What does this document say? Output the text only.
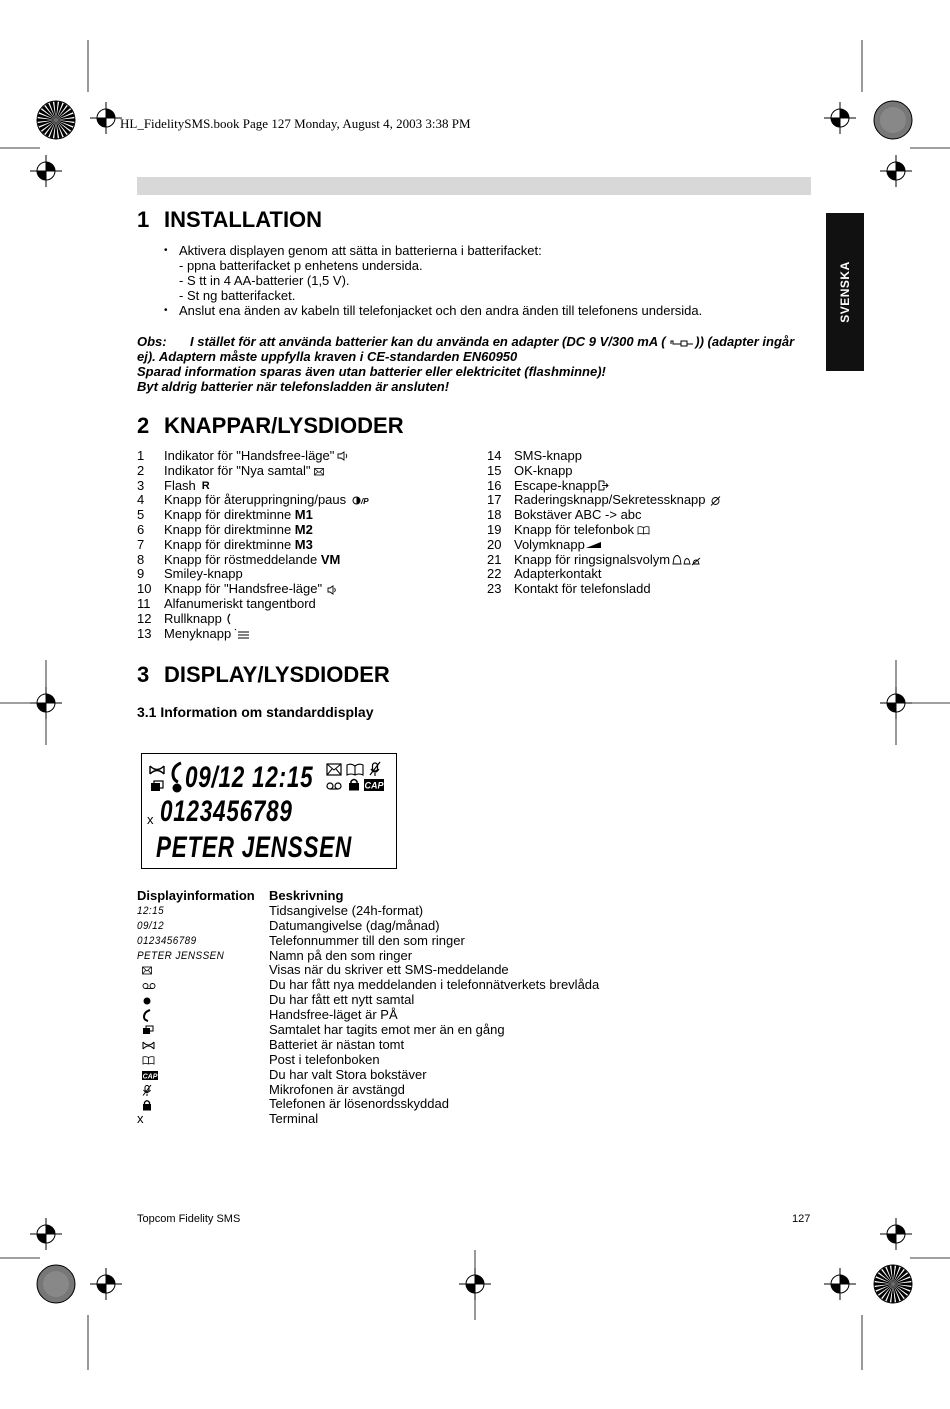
HL_FidelitySMS.book Page 127 Monday, August 4, 2003 3:38 PM
SVENSKA
1 INSTALLATION
• Aktivera displayen genom att sätta in batterierna i batterifacket:
- ppna batterifacket p enhetens undersida.
- S tt in 4 AA-batterier (1,5 V).
- St ng batterifacket.
• Anslut ena änden av kabeln till telefonjacket och den andra änden till telefonens undersida.
Obs: I stället för att använda batterier kan du använda en adapter (DC 9 V/300 mA ( )) (adapter ingår
ej). Adaptern måste uppfylla kraven i CE-standarden EN60950
Sparad information sparas även utan batterier eller elektricitet (flashminne)!
Byt aldrig batterier när telefonsladden är ansluten!
2 KNAPPAR/LYSDIODER
1	Indikator för "Handsfree-läge"
2	Indikator för "Nya samtal"
3	Flash R
4	Knapp för återuppringning/paus /P
5	Knapp för direktminne M1
6	Knapp för direktminne M2
7	Knapp för direktminne M3
8	Knapp för röstmeddelande VM
9	Smiley-knapp
10 Knapp för "Handsfree-läge"
11	Alfanumeriskt tangentbord
12 Rullknapp
13 Menyknapp
14 SMS-knapp
15 OK-knapp
16 Escape-knapp
17 Raderingsknapp/Sekretessknapp
18 Bokstäver ABC -> abc
19 Knapp för telefonbok
20 Volymknapp
21 Knapp för ringsignalsvolym
22 Adapterkontakt
23 Kontakt för telefonsladd
3 DISPLAY/LYSDIODER
3.1 Information om standarddisplay
09/12 12:15	CAP
x 0123456789
PETER JENSSEN
Displayinformation	Beskrivning
12:15	Tidsangivelse (24h-format)
09/12	Datumangivelse (dag/månad)
0123456789	Telefonnummer till den som ringer
PETER JENSSEN	Namn på den som ringer
Visas när du skriver ett SMS-meddelande
Du har fått nya meddelanden i telefonnätverkets brevlåda
Du har fått ett nytt samtal
Handsfree-läget är PÅ
Samtalet har tagits emot mer än en gång
Batteriet är nästan tomt
Post i telefonboken
CAP	Du har valt Stora bokstäver
Mikrofonen är avstängd
Telefonen är lösenordsskyddad
x	Terminal
Topcom Fidelity SMS	127
